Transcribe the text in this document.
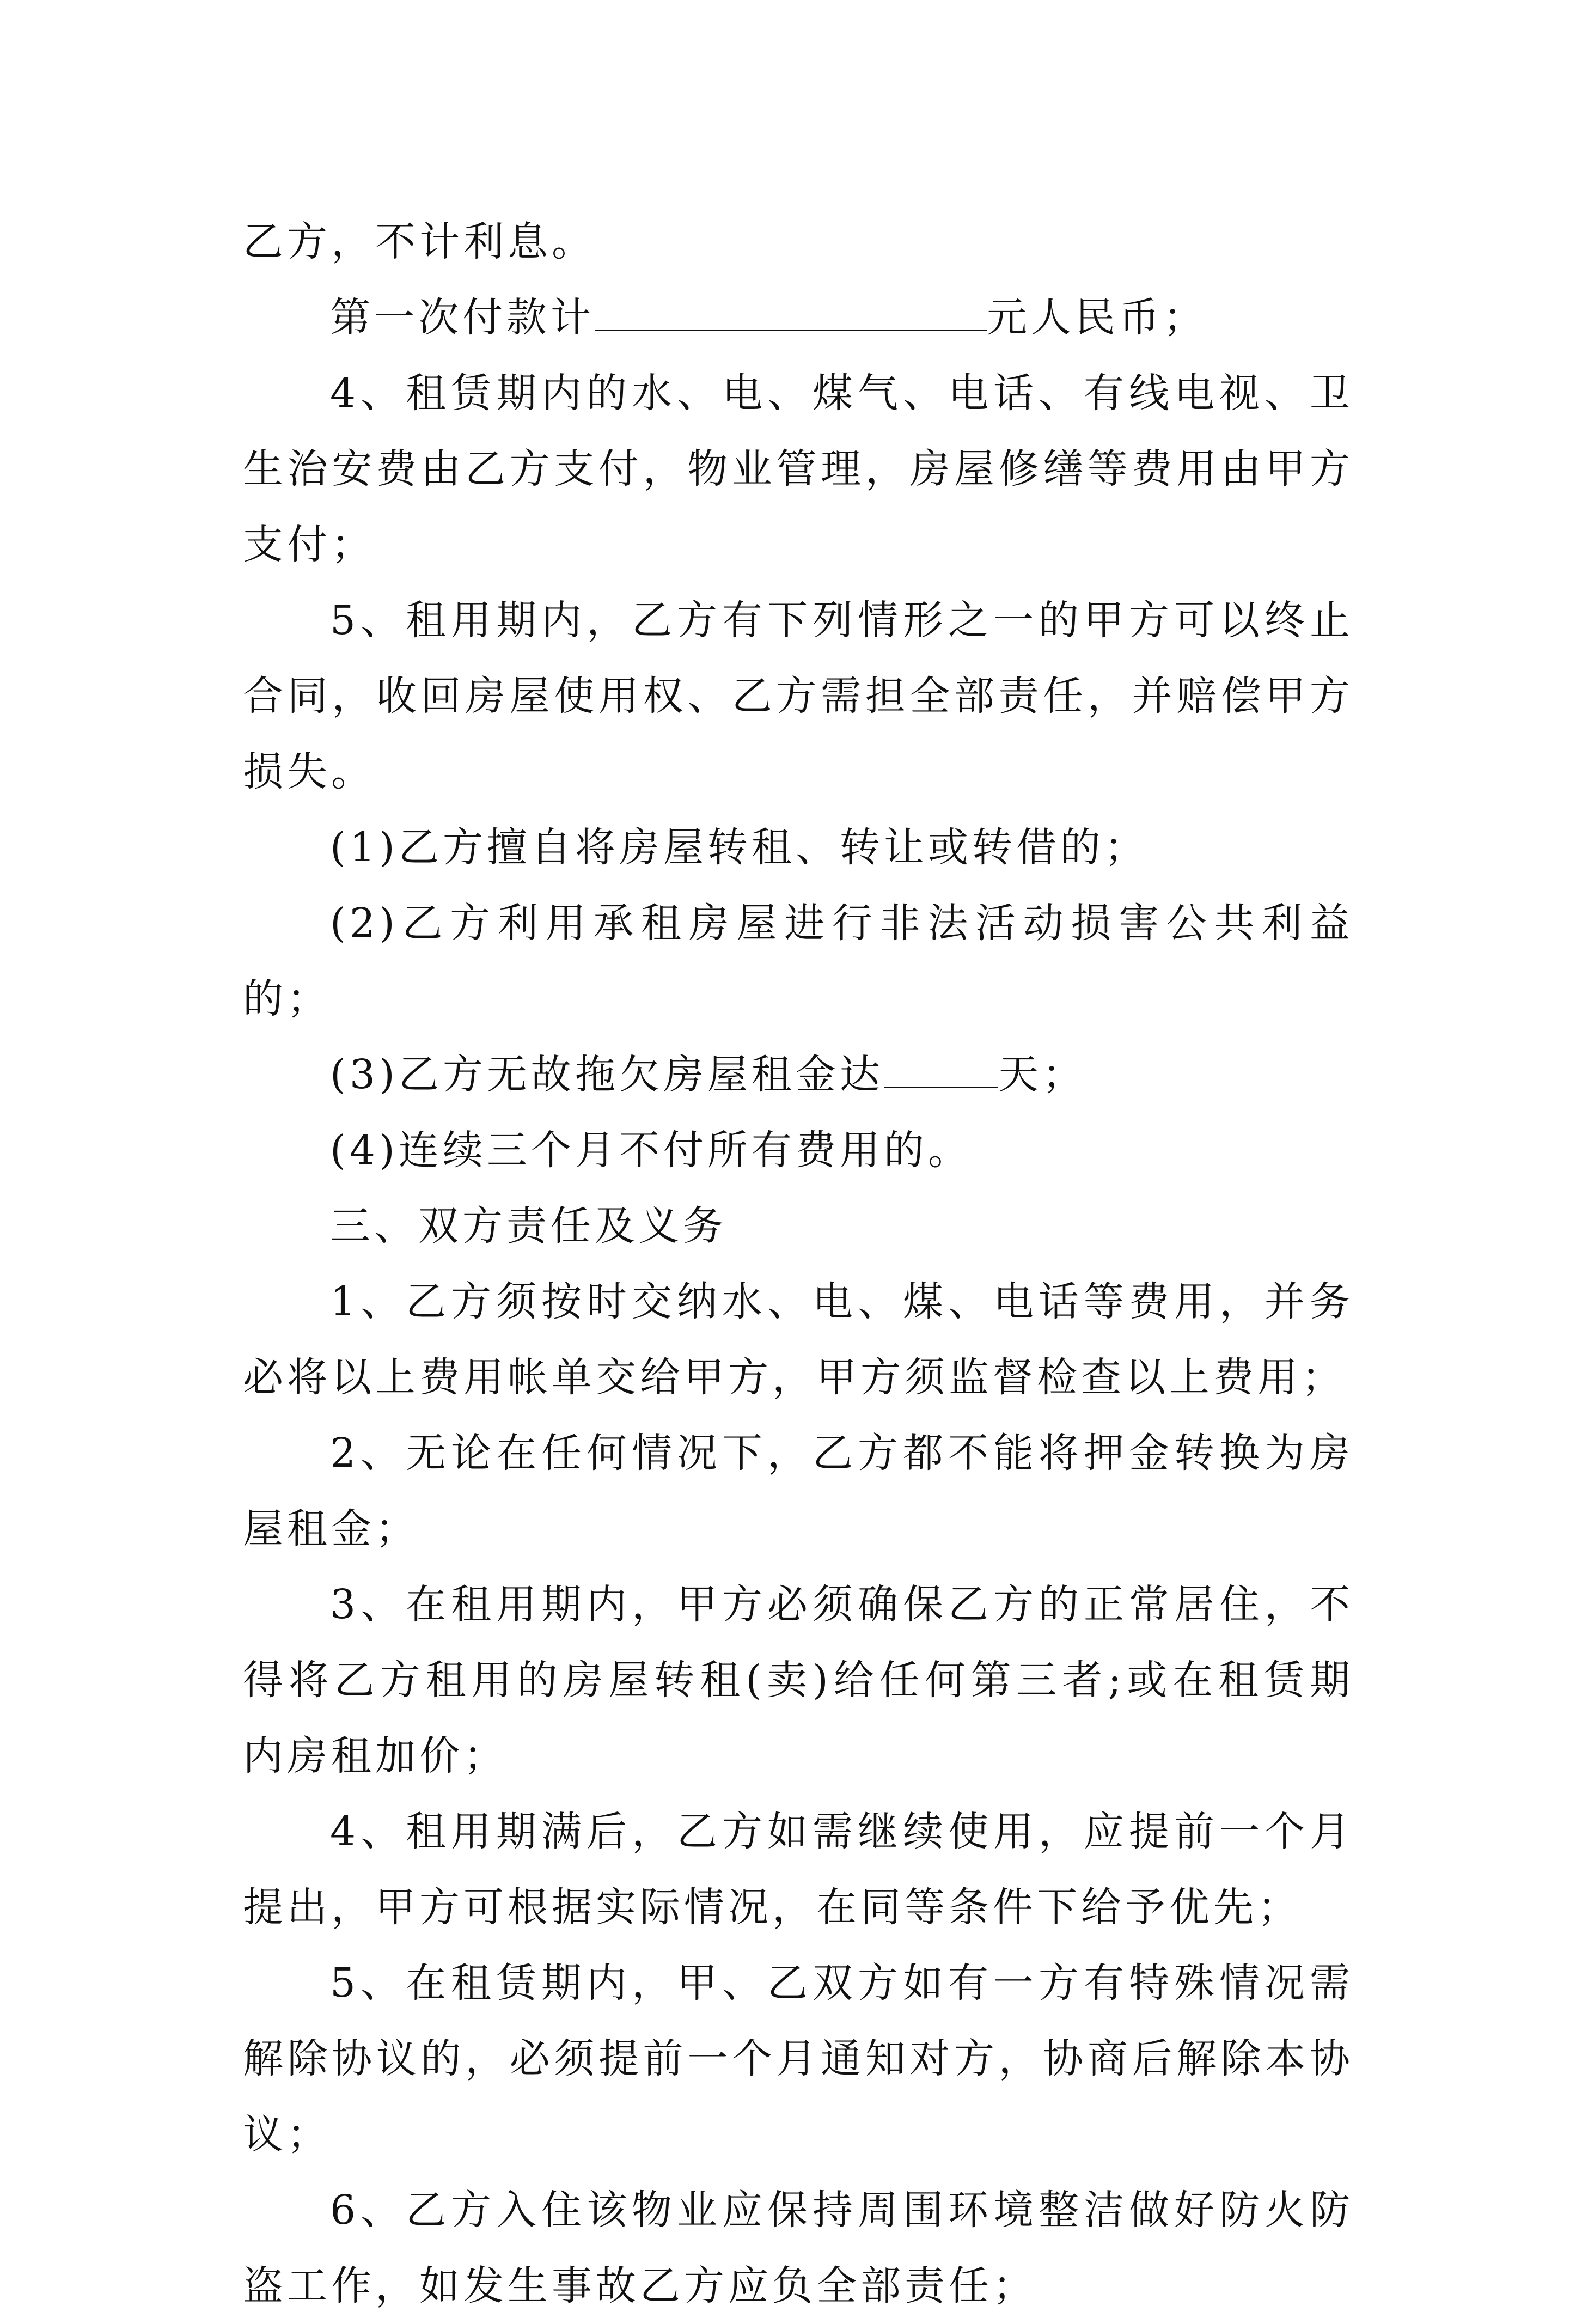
乙方，不计利息。

第一次付款计	元人民币；

4、租赁期内的水、电、煤气、电话、有线电视、卫生治安费由乙方支付，物业管理，房屋修缮等费用由甲方支付；

5、租用期内，乙方有下列情形之一的甲方可以终止合同，收回房屋使用权、乙方需担全部责任，并赔偿甲方损失。

(1)乙方擅自将房屋转租、转让或转借的；

(2)乙方利用承租房屋进行非法活动损害公共利益的；

(3)乙方无故拖欠房屋租金达	天；

(4)连续三个月不付所有费用的。

三、双方责任及义务

1、乙方须按时交纳水、电、煤、电话等费用，并务必将以上费用帐单交给甲方，甲方须监督检查以上费用；

2、无论在任何情况下，乙方都不能将押金转换为房屋租金；

3、在租用期内，甲方必须确保乙方的正常居住，不得将乙方租用的房屋转租(卖)给任何第三者;或在租赁期内房租加价；

4、租用期满后，乙方如需继续使用，应提前一个月提出，甲方可根据实际情况，在同等条件下给予优先；

5、在租赁期内，甲、乙双方如有一方有特殊情况需解除协议的，必须提前一个月通知对方，协商后解除本协议；

6、乙方入住该物业应保持周围环境整洁做好防火防盗工作，如发生事故乙方应负全部责任；
